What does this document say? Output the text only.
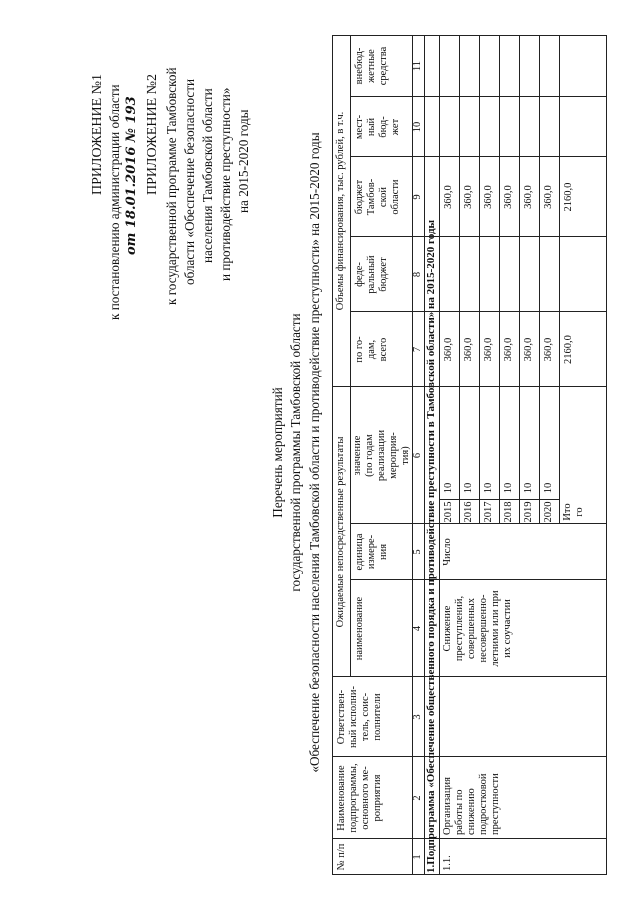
ПРИЛОЖЕНИЕ №1 к постановлению администрации области от 18.01.2016 № 193 ПРИЛОЖЕНИЕ №2 к государственной программе Тамбовской области «Обеспечение безопасности населения Тамбовской области и противодействие преступности» на 2015-2020 годы
Перечень мероприятий государственной программы Тамбовской области «Обеспечение безопасности населения Тамбовской области и противодействие преступности» на 2015-2020 годы
№ п/п
Наименование подпрограммы, основного ме- роприятия
Ответствен- ный исполни- тель, соис- полнители
Ожидаемые непосредственные результаты
наименование
единица измере- ния
значение (по годам реализации мероприя- тия)
Объемы финансирования, тыс. рублей, в т.ч.
по го- дам, всего
феде- ральный бюджет
бюджет Тамбов- ской области
мест- ный бюд- жет
внебюд- жетные средства
1
2
3
4
5
6
7
8
9
10
11
1.Подпрограмма «Обеспечение общественного порядка и противодействие преступности в Тамбовской области» на 2015-2020 годы 1.1.
Организация работы по снижению подростковой преступности
Снижение преступлений, совершенных несовершенно- летними или при их соучастии
Число
2015
10
360,0
360,0
2016
10
360,0
360,0
2017
10
360,0
360,0
2018
10
360,0
360,0
2019
10
360,0
360,0
2020
10
360,0
360,0
Ито го
2160,0
2160,0
